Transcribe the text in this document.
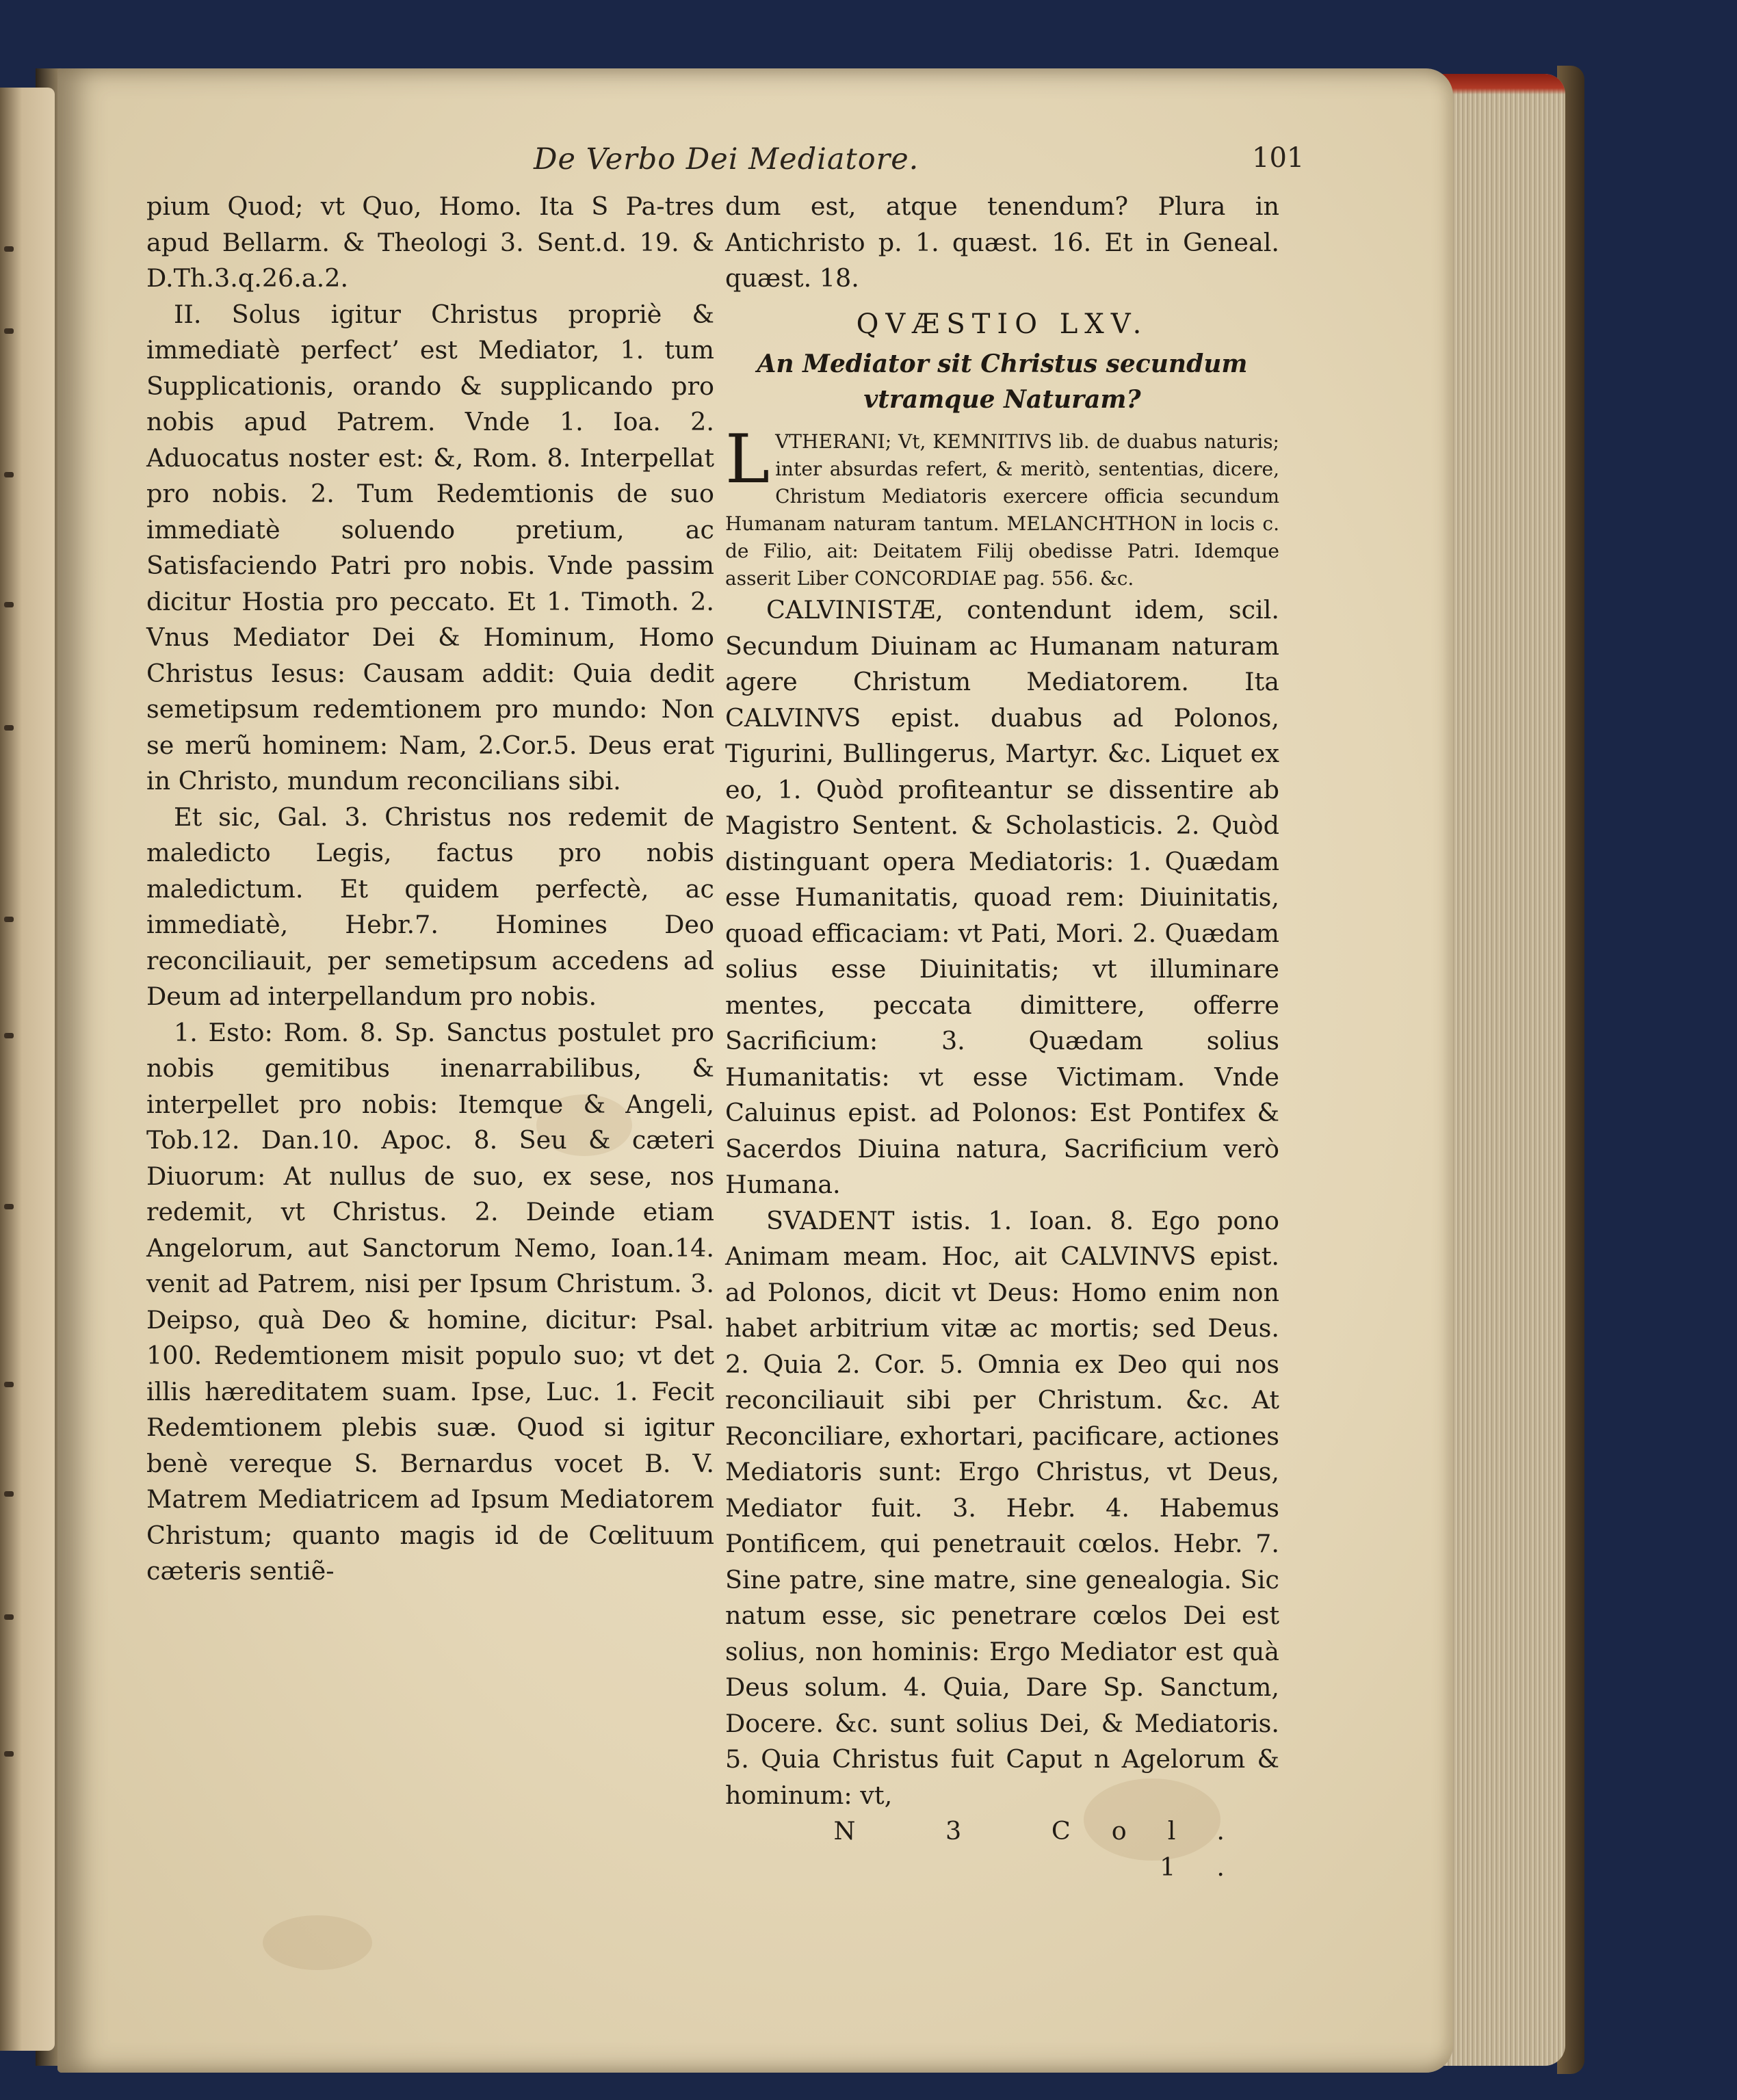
De Verbo Dei Mediatore.	101

pium Quod; vt Quo, Homo. Ita S Pa-tres apud Bellarm. & Theologi 3. Sent.d. 19. & D.Th.3.q.26.a.2.

II. Solus igitur Christus propriè & immediatè perfect’ est Mediator, 1. tum Supplicationis, orando & supplicando pro nobis apud Patrem. Vnde 1. Ioa. 2. Aduocatus noster est: &, Rom. 8. Interpellat pro nobis. 2. Tum Redemtionis de suo immediatè soluendo pretium, ac Satisfaciendo Patri pro nobis. Vnde passim dicitur Hostia pro peccato. Et 1. Timoth. 2. Vnus Mediator Dei & Hominum, Homo Christus Iesus: Causam addit: Quia dedit semetipsum redemtionem pro mundo: Non se merũ hominem: Nam, 2.Cor.5. Deus erat in Christo, mundum reconcilians sibi.

Et sic, Gal. 3. Christus nos redemit de maledicto Legis, factus pro nobis maledictum. Et quidem perfectè, ac immediatè, Hebr.7. Homines Deo reconciliauit, per semetipsum accedens ad Deum ad interpellandum pro nobis.

1. Esto: Rom. 8. Sp. Sanctus postulet pro nobis gemitibus inenarrabilibus, & interpellet pro nobis: Itemque & Angeli, Tob.12. Dan.10. Apoc. 8. Seu & cæteri Diuorum: At nullus de suo, ex sese, nos redemit, vt Christus. 2. Deinde etiam Angelorum, aut Sanctorum Nemo, Ioan.14. venit ad Patrem, nisi per Ipsum Christum. 3. Deipso, quà Deo & homine, dicitur: Psal. 100. Redemtionem misit populo suo; vt det illis hæreditatem suam. Ipse, Luc. 1. Fecit Redemtionem plebis suæ. Quod si igitur benè vereque S. Bernardus vocet B. V. Matrem Mediatricem ad Ipsum Mediatorem Christum; quanto magis id de Cœlituum cæteris sentiẽ-

dum est, atque tenendum? Plura in Antichristo p. 1. quæst. 16. Et in Geneal. quæst. 18.

QVÆSTIO LXV.
An Mediator sit Christus secundum
vtramque Naturam?

LVTHERANI; Vt, KEMNITIVS lib. de duabus naturis; inter absurdas refert, & meritò, sententias, dicere, Christum Mediatoris exercere officia secundum Humanam naturam tantum. MELANCHTHON in locis c. de Filio, ait: Deitatem Filij obedisse Patri. Idemque asserit Liber CONCORDIAE pag. 556. &c.

CALVINISTÆ, contendunt idem, scil. Secundum Diuinam ac Humanam naturam agere Christum Mediatorem. Ita CALVINVS epist. duabus ad Polonos, Tigurini, Bullingerus, Martyr. &c. Liquet ex eo, 1. Quòd profiteantur se dissentire ab Magistro Sentent. & Scholasticis. 2. Quòd distinguant opera Mediatoris: 1. Quædam esse Humanitatis, quoad rem: Diuinitatis, quoad efficaciam: vt Pati, Mori. 2. Quædam solius esse Diuinitatis; vt illuminare mentes, peccata dimittere, offerre Sacrificium: 3. Quædam solius Humanitatis: vt esse Victimam. Vnde Caluinus epist. ad Polonos: Est Pontifex & Sacerdos Diuina natura, Sacrificium verò Humana.

SVADENT istis. 1. Ioan. 8. Ego pono Animam meam. Hoc, ait CALVINVS epist. ad Polonos, dicit vt Deus: Homo enim non habet arbitrium vitæ ac mortis; sed Deus. 2. Quia 2. Cor. 5. Omnia ex Deo qui nos reconciliauit sibi per Christum. &c. At Reconciliare, exhortari, pacificare, actiones Mediatoris sunt: Ergo Christus, vt Deus, Mediator fuit. 3. Hebr. 4. Habemus Pontificem, qui penetrauit cœlos. Hebr. 7. Sine patre, sine matre, sine genealogia. Sic natum esse, sic penetrare cœlos Dei est solius, non hominis: Ergo Mediator est quà Deus solum. 4. Quia, Dare Sp. Sanctum, Docere. &c. sunt solius Dei, & Mediatoris. 5. Quia Christus fuit Caput n Agelorum & hominum: vt,

N 3 Col. 1.
